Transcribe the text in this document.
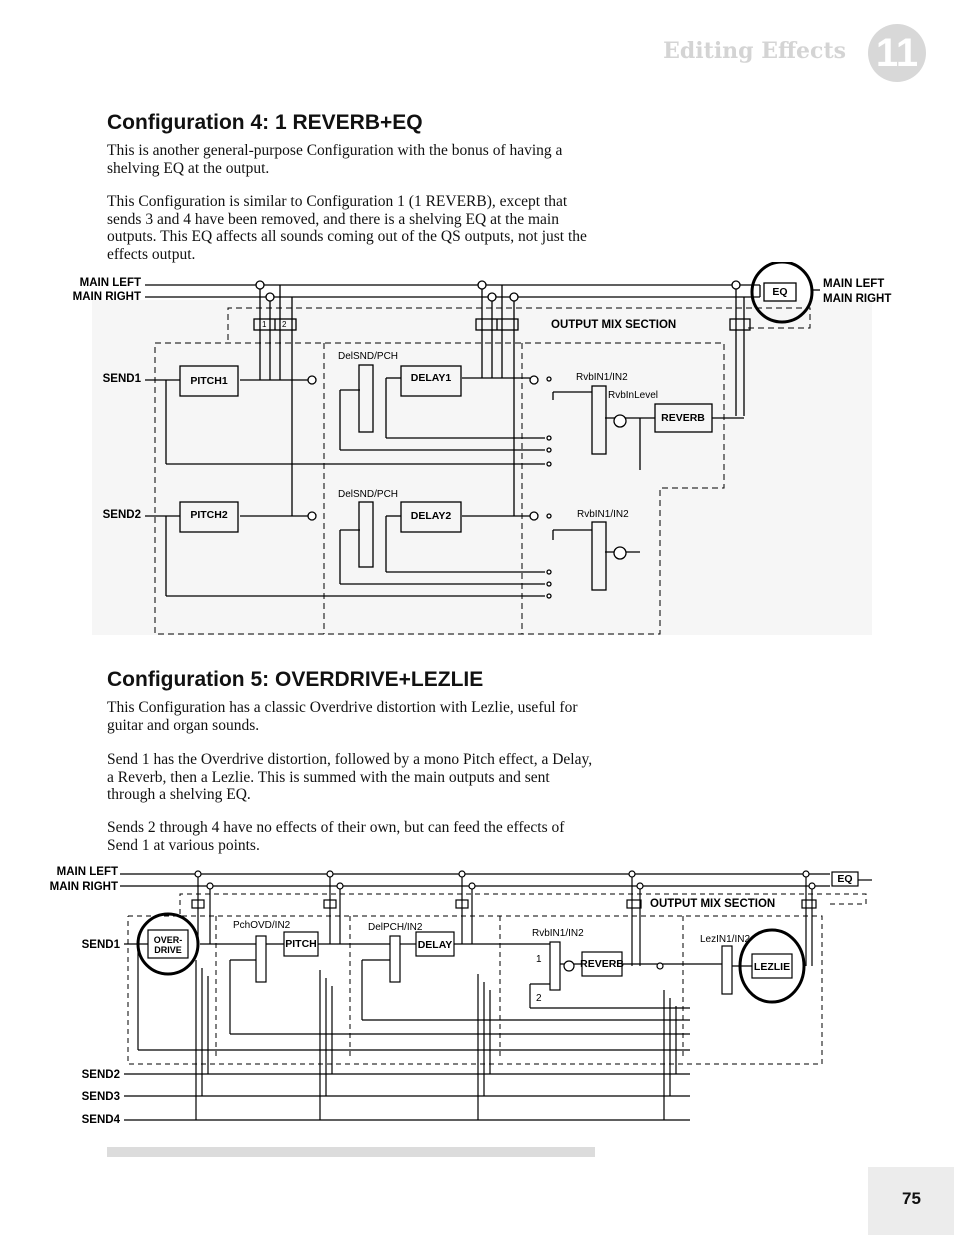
Editing Effects 11
Configuration 4: 1 REVERB+EQ

This is another general-purpose Configuration with the bonus of having a shelving EQ at the output.

This Configuration is similar to Configuration 1 (1 REVERB), except that sends 3 and 4 have been removed, and there is a shelving EQ at the main outputs. This EQ affects all sounds coming out of the QS outputs, not just the effects output.

MAIN LEFT
MAIN RIGHT
MAIN LEFT
MAIN RIGHT
EQ
OUTPUT MIX SECTION
SEND1
SEND2
PITCH1
PITCH2
DELAY1
DELAY2
REVERB
DelSND/PCH
DelSND/PCH
RvbIN1/IN2
RvbIN1/IN2
RvbInLevel
1 2
Configuration 5: OVERDRIVE+LEZLIE

This Configuration has a classic Overdrive distortion with Lezlie, useful for guitar and organ sounds.

Send 1 has the Overdrive distortion, followed by a mono Pitch effect, a Delay, a Reverb, then a Lezlie. This is summed with the main outputs and sent through a shelving EQ.

Sends 2 through 4 have no effects of their own, but can feed the effects of Send 1 at various points.

MAIN LEFT
MAIN RIGHT
EQ
OUTPUT MIX SECTION
SEND1
SEND2
SEND3
SEND4
OVER-
DRIVE	PITCH	DELAY
REVERB	LEZLIE
PchOVD/IN2	DelPCH/IN2
RvbIN1/IN2
LezIN1/IN2
1
2
75
